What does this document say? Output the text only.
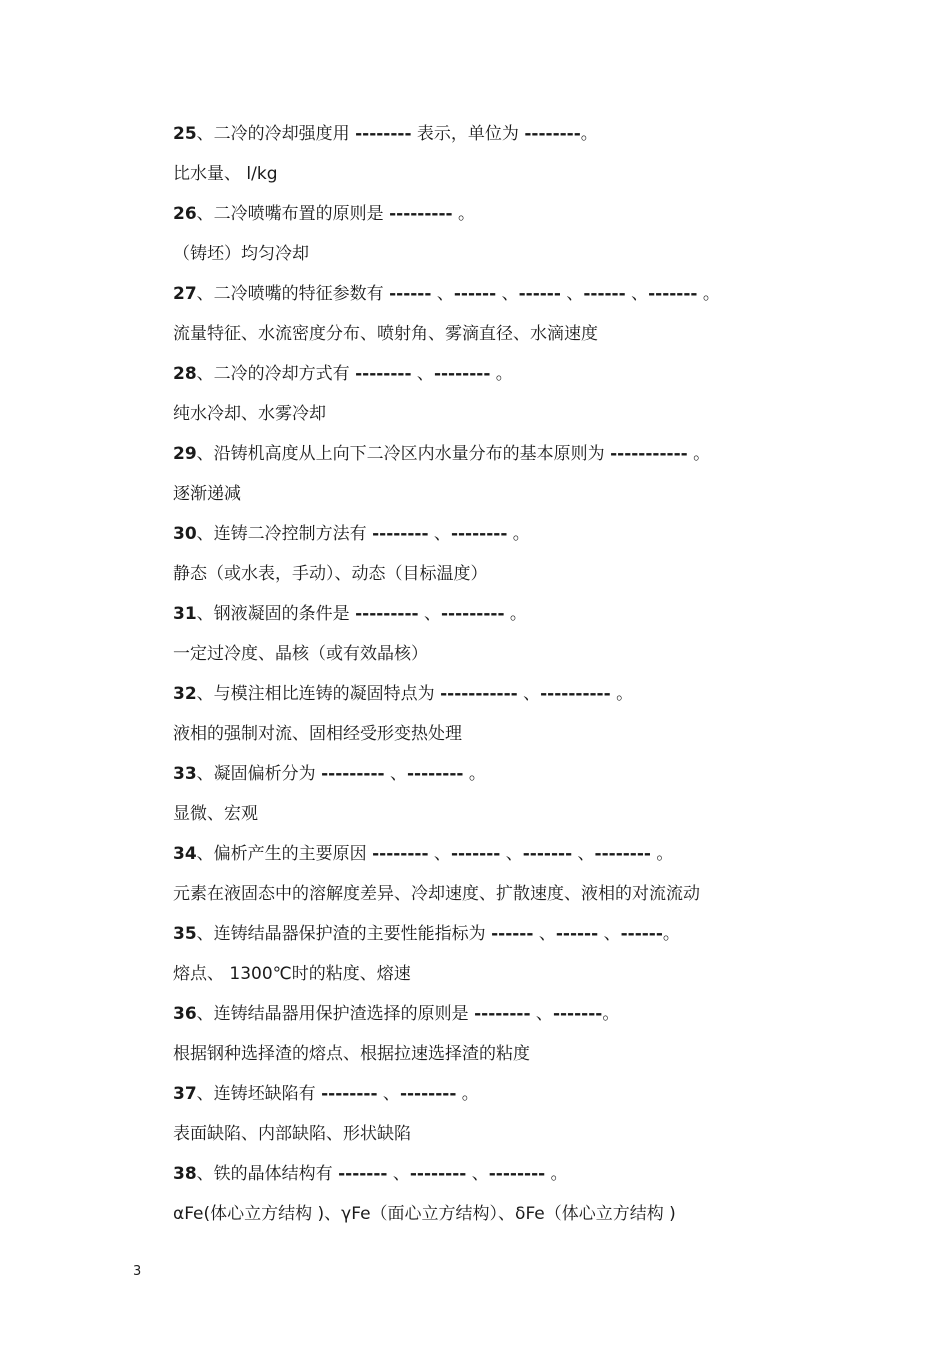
25、二冷的冷却强度用 -------- 表示，单位为 --------。
比水量、 l/kg
26、二冷喷嘴布置的原则是 --------- 。
（铸坯）均匀冷却
27、二冷喷嘴的特征参数有 ------ 、------ 、------ 、------ 、------- 。
流量特征、水流密度分布、喷射角、雾滴直径、水滴速度
28、二冷的冷却方式有 -------- 、-------- 。
纯水冷却、水雾冷却
29、沿铸机高度从上向下二冷区内水量分布的基本原则为 ----------- 。
逐渐递减
30、连铸二冷控制方法有 -------- 、-------- 。
静态（或水表，手动）、动态（目标温度）
31、钢液凝固的条件是 --------- 、--------- 。
一定过冷度、晶核（或有效晶核）
32、与模注相比连铸的凝固特点为 ----------- 、---------- 。
液相的强制对流、固相经受形变热处理
33、凝固偏析分为 --------- 、-------- 。
显微、宏观
34、偏析产生的主要原因 -------- 、------- 、------- 、-------- 。
元素在液固态中的溶解度差异、冷却速度、扩散速度、液相的对流流动
35、连铸结晶器保护渣的主要性能指标为 ------ 、------ 、------。
熔点、 1300℃时的粘度、熔速
36、连铸结晶器用保护渣选择的原则是 -------- 、-------。
根据钢种选择渣的熔点、根据拉速选择渣的粘度
37、连铸坯缺陷有 -------- 、-------- 。
表面缺陷、内部缺陷、形状缺陷
38、铁的晶体结构有 ------- 、-------- 、-------- 。
αFe(体心立方结构 )、γFe（面心立方结构）、δFe（体心立方结构 )
3
